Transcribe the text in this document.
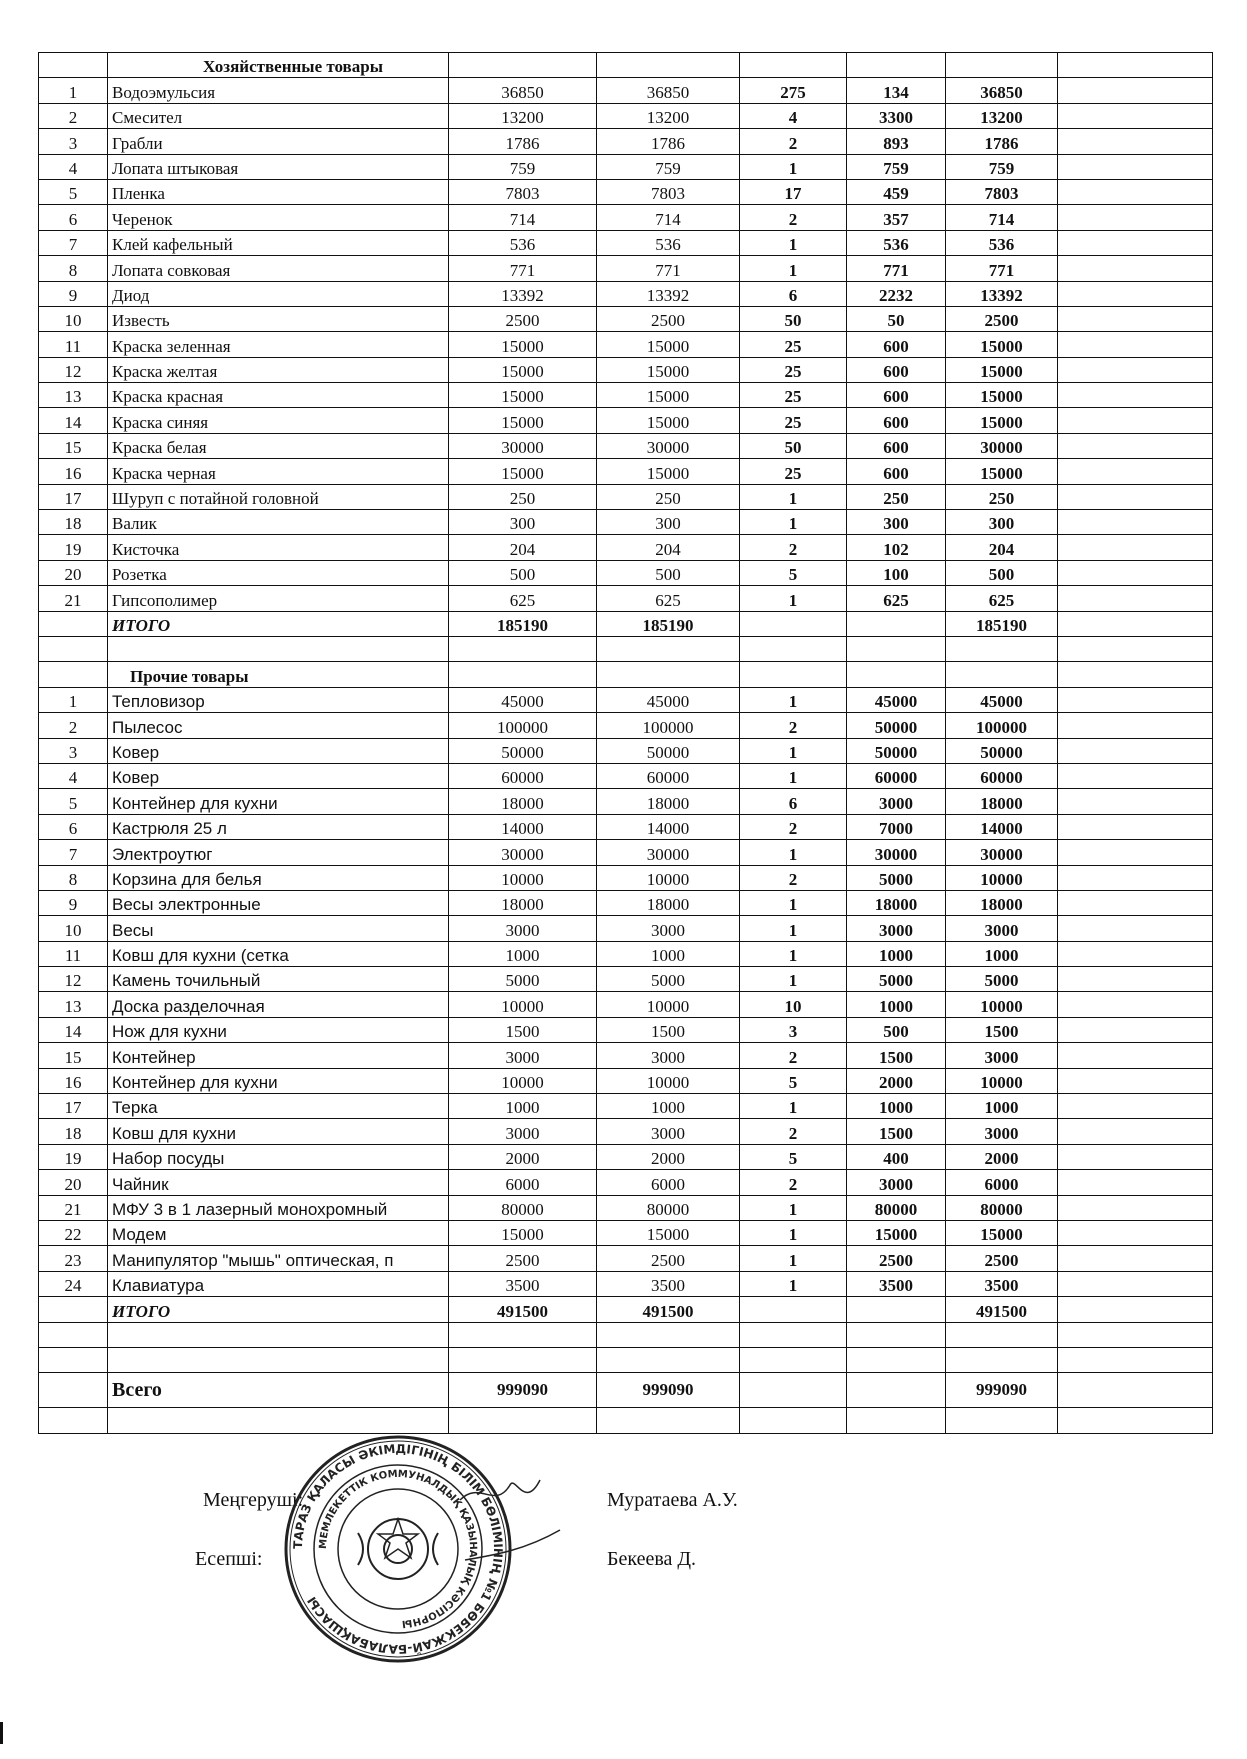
	Хозяйственные товары						
1	Водоэмульсия	36850	36850	275	134	36850	
2	Смесител	13200	13200	4	3300	13200	
3	Грабли	1786	1786	2	893	1786	
4	Лопата штыковая	759	759	1	759	759	
5	Пленка	7803	7803	17	459	7803	
6	Черенок	714	714	2	357	714	
7	Клей кафельный	536	536	1	536	536	
8	Лопата совковая	771	771	1	771	771	
9	Диод	13392	13392	6	2232	13392	
10	Известь	2500	2500	50	50	2500	
11	Краска зеленная	15000	15000	25	600	15000	
12	Краска желтая	15000	15000	25	600	15000	
13	Краска красная	15000	15000	25	600	15000	
14	Краска синяя	15000	15000	25	600	15000	
15	Краска белая	30000	30000	50	600	30000	
16	Краска черная	15000	15000	25	600	15000	
17	Шуруп с потайной головной	250	250	1	250	250	
18	Валик	300	300	1	300	300	
19	Кисточка	204	204	2	102	204	
20	Розетка	500	500	5	100	500	
21	Гипсополимер	625	625	1	625	625	
	ИТОГО	185190	185190			185190	

	Прочие товары						
1	Тепловизор	45000	45000	1	45000	45000	
2	Пылесос	100000	100000	2	50000	100000	
3	Ковер	50000	50000	1	50000	50000	
4	Ковер	60000	60000	1	60000	60000	
5	Контейнер для кухни	18000	18000	6	3000	18000	
6	Кастрюля 25 л	14000	14000	2	7000	14000	
7	Электроутюг	30000	30000	1	30000	30000	
8	Корзина для белья	10000	10000	2	5000	10000	
9	Весы электронные	18000	18000	1	18000	18000	
10	Весы	3000	3000	1	3000	3000	
11	Ковш для кухни (сетка	1000	1000	1	1000	1000	
12	Камень точильный	5000	5000	1	5000	5000	
13	Доска разделочная	10000	10000	10	1000	10000	
14	Нож для кухни	1500	1500	3	500	1500	
15	Контейнер	3000	3000	2	1500	3000	
16	Контейнер для кухни	10000	10000	5	2000	10000	
17	Терка	1000	1000	1	1000	1000	
18	Ковш для кухни	3000	3000	2	1500	3000	
19	Набор посуды	2000	2000	5	400	2000	
20	Чайник	6000	6000	2	3000	6000	
21	МФУ 3 в 1 лазерный монохромный	80000	80000	1	80000	80000	
22	Модем	15000	15000	1	15000	15000	
23	Манипулятор "мышь" оптическая, п	2500	2500	1	2500	2500	
24	Клавиатура	3500	3500	1	3500	3500	
	ИТОГО	491500	491500			491500	

	Всего	999090	999090			999090	

Меңгеруші:	Муратаева А.У.
Есепші:	Бекеева Д.
ТАРАЗ ҚАЛАСЫ ӘКІМДІГІНІҢ БІЛІМ БӨЛІМІНІҢ №1 БӨБЕКЖАЙ-БАЛАБАҚШАСЫ
МЕМЛЕКЕТТІК КОММУНАЛДЫҚ ҚАЗЫНАЛЫҚ КӘСІПОРНЫ
